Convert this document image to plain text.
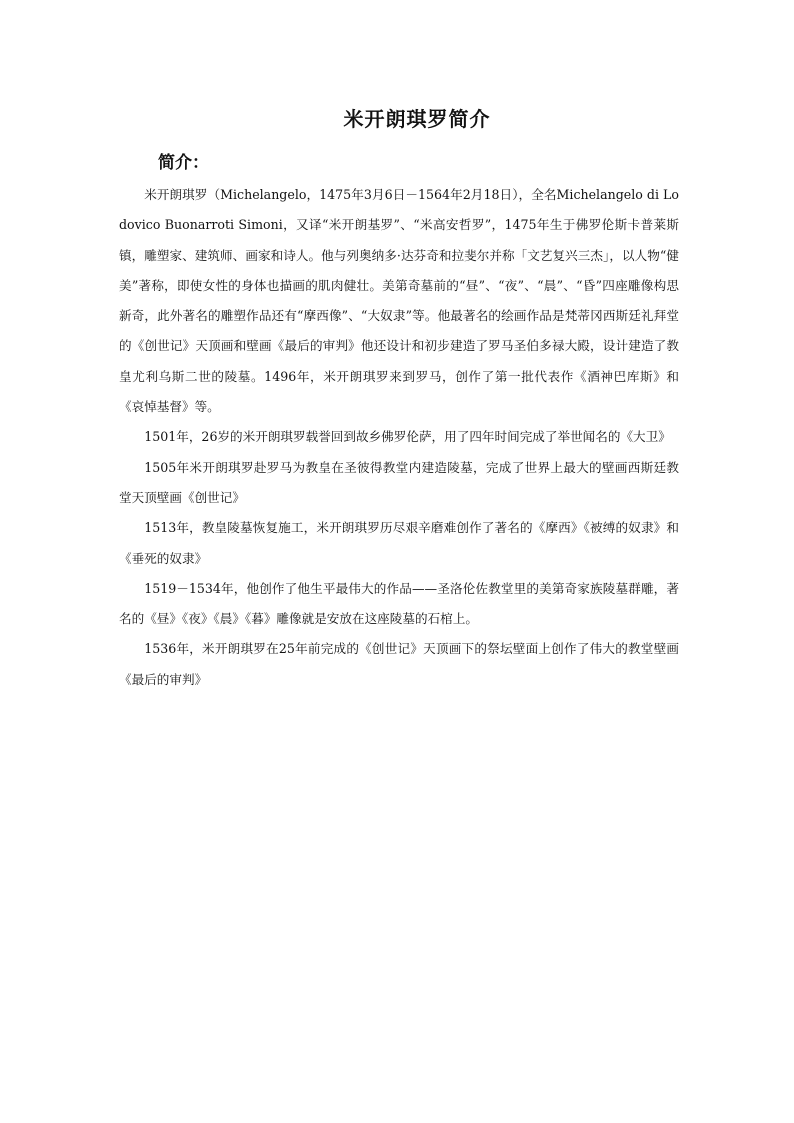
米开朗琪罗简介
简介：

米开朗琪罗（Michelangelo，1475年3月6日－1564年2月18日），全名Michelangelo di Lodovico Buonarroti Simoni，又译“米开朗基罗”、“米高安哲罗”，1475年生于佛罗伦斯卡普莱斯镇，雕塑家、建筑师、画家和诗人。他与列奥纳多·达芬奇和拉斐尔并称「文艺复兴三杰」，以人物“健美”著称，即使女性的身体也描画的肌肉健壮。美第奇墓前的“昼”、“夜”、“晨”、“昏”四座雕像构思新奇，此外著名的雕塑作品还有“摩西像”、“大奴隶”等。他最著名的绘画作品是梵蒂冈西斯廷礼拜堂的《创世记》天顶画和壁画《最后的审判》他还设计和初步建造了罗马圣伯多禄大殿，设计建造了教皇尤利乌斯二世的陵墓。1496年，米开朗琪罗来到罗马，创作了第一批代表作《酒神巴库斯》和《哀悼基督》等。

1501年，26岁的米开朗琪罗载誉回到故乡佛罗伦萨，用了四年时间完成了举世闻名的《大卫》

1505年米开朗琪罗赴罗马为教皇在圣彼得教堂内建造陵墓，完成了世界上最大的壁画西斯廷教堂天顶壁画《创世记》

1513年，教皇陵墓恢复施工，米开朗琪罗历尽艰辛磨难创作了著名的《摩西》《被缚的奴隶》和《垂死的奴隶》

1519－1534年，他创作了他生平最伟大的作品——圣洛伦佐教堂里的美第奇家族陵墓群雕，著名的《昼》《夜》《晨》《暮》雕像就是安放在这座陵墓的石棺上。

1536年，米开朗琪罗在25年前完成的《创世记》天顶画下的祭坛壁面上创作了伟大的教堂壁画《最后的审判》
